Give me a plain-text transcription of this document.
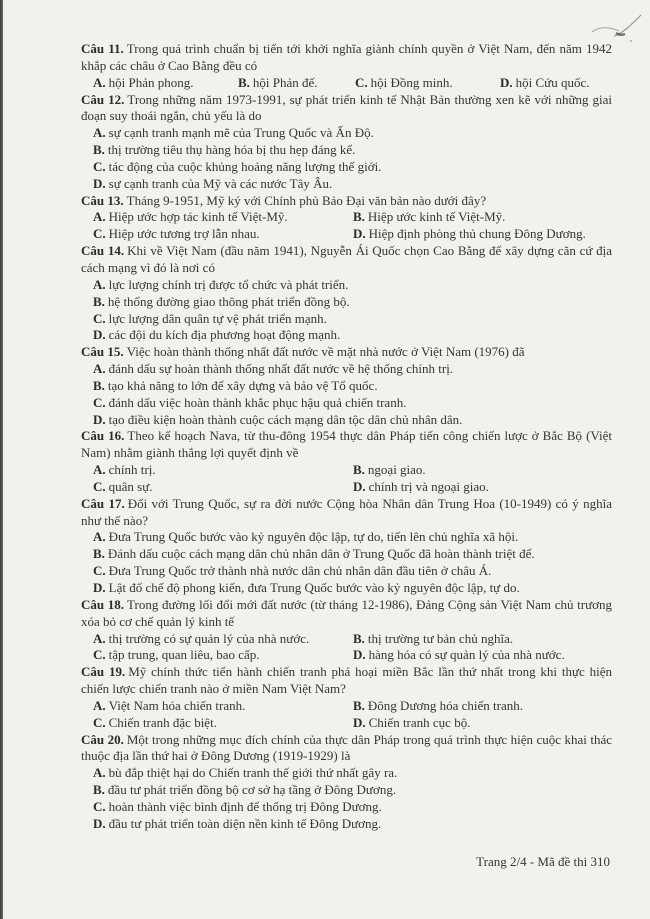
Câu 11. Trong quá trình chuẩn bị tiến tới khởi nghĩa giành chính quyền ở Việt Nam, đến năm 1942 khắp các châu ở Cao Bằng đều có

A. hội Phản phong.	B. hội Phản đế.	C. hội Đồng minh.	D. hội Cứu quốc.

Câu 12. Trong những năm 1973-1991, sự phát triển kinh tế Nhật Bản thường xen kẽ với những giai đoạn suy thoái ngắn, chủ yếu là do

A. sự cạnh tranh mạnh mẽ của Trung Quốc và Ấn Độ.
B. thị trường tiêu thụ hàng hóa bị thu hẹp đáng kể.
C. tác động của cuộc khủng hoảng năng lượng thế giới.
D. sự cạnh tranh của Mỹ và các nước Tây Âu.

Câu 13. Tháng 9-1951, Mỹ ký với Chính phủ Bảo Đại văn bản nào dưới đây?

A. Hiệp ước hợp tác kinh tế Việt-Mỹ.	B. Hiệp ước kinh tế Việt-Mỹ.
C. Hiệp ước tương trợ lẫn nhau.	D. Hiệp định phòng thủ chung Đông Dương.

Câu 14. Khi về Việt Nam (đầu năm 1941), Nguyễn Ái Quốc chọn Cao Bằng để xây dựng căn cứ địa cách mạng vì đó là nơi có

A. lực lượng chính trị được tổ chức và phát triển.
B. hệ thống đường giao thông phát triển đồng bộ.
C. lực lượng dân quân tự vệ phát triển mạnh.
D. các đội du kích địa phương hoạt động mạnh.

Câu 15. Việc hoàn thành thống nhất đất nước về mặt nhà nước ở Việt Nam (1976) đã

A. đánh dấu sự hoàn thành thống nhất đất nước về hệ thống chính trị.
B. tạo khả năng to lớn để xây dựng và bảo vệ Tổ quốc.
C. đánh dấu việc hoàn thành khắc phục hậu quả chiến tranh.
D. tạo điều kiện hoàn thành cuộc cách mạng dân tộc dân chủ nhân dân.

Câu 16. Theo kế hoạch Nava, từ thu-đông 1954 thực dân Pháp tiến công chiến lược ở Bắc Bộ (Việt Nam) nhằm giành thắng lợi quyết định về

A. chính trị.	B. ngoại giao.
C. quân sự.	D. chính trị và ngoại giao.

Câu 17. Đối với Trung Quốc, sự ra đời nước Cộng hòa Nhân dân Trung Hoa (10-1949) có ý nghĩa như thế nào?

A. Đưa Trung Quốc bước vào kỷ nguyên độc lập, tự do, tiến lên chủ nghĩa xã hội.
B. Đánh dấu cuộc cách mạng dân chủ nhân dân ở Trung Quốc đã hoàn thành triệt để.
C. Đưa Trung Quốc trở thành nhà nước dân chủ nhân dân đầu tiên ở châu Á.
D. Lật đổ chế độ phong kiến, đưa Trung Quốc bước vào kỷ nguyên độc lập, tự do.

Câu 18. Trong đường lối đổi mới đất nước (từ tháng 12-1986), Đảng Cộng sản Việt Nam chủ trương xóa bỏ cơ chế quản lý kinh tế

A. thị trường có sự quản lý của nhà nước.	B. thị trường tư bản chủ nghĩa.
C. tập trung, quan liêu, bao cấp.	D. hàng hóa có sự quản lý của nhà nước.

Câu 19. Mỹ chính thức tiến hành chiến tranh phá hoại miền Bắc lần thứ nhất trong khi thực hiện chiến lược chiến tranh nào ở miền Nam Việt Nam?

A. Việt Nam hóa chiến tranh.	B. Đông Dương hóa chiến tranh.
C. Chiến tranh đặc biệt.	D. Chiến tranh cục bộ.

Câu 20. Một trong những mục đích chính của thực dân Pháp trong quá trình thực hiện cuộc khai thác thuộc địa lần thứ hai ở Đông Dương (1919-1929) là

A. bù đắp thiệt hại do Chiến tranh thế giới thứ nhất gây ra.
B. đầu tư phát triển đồng bộ cơ sở hạ tầng ở Đông Dương.
C. hoàn thành việc bình định để thống trị Đông Dương.
D. đầu tư phát triển toàn diện nền kinh tế Đông Dương.
Trang 2/4 - Mã đề thi 310
